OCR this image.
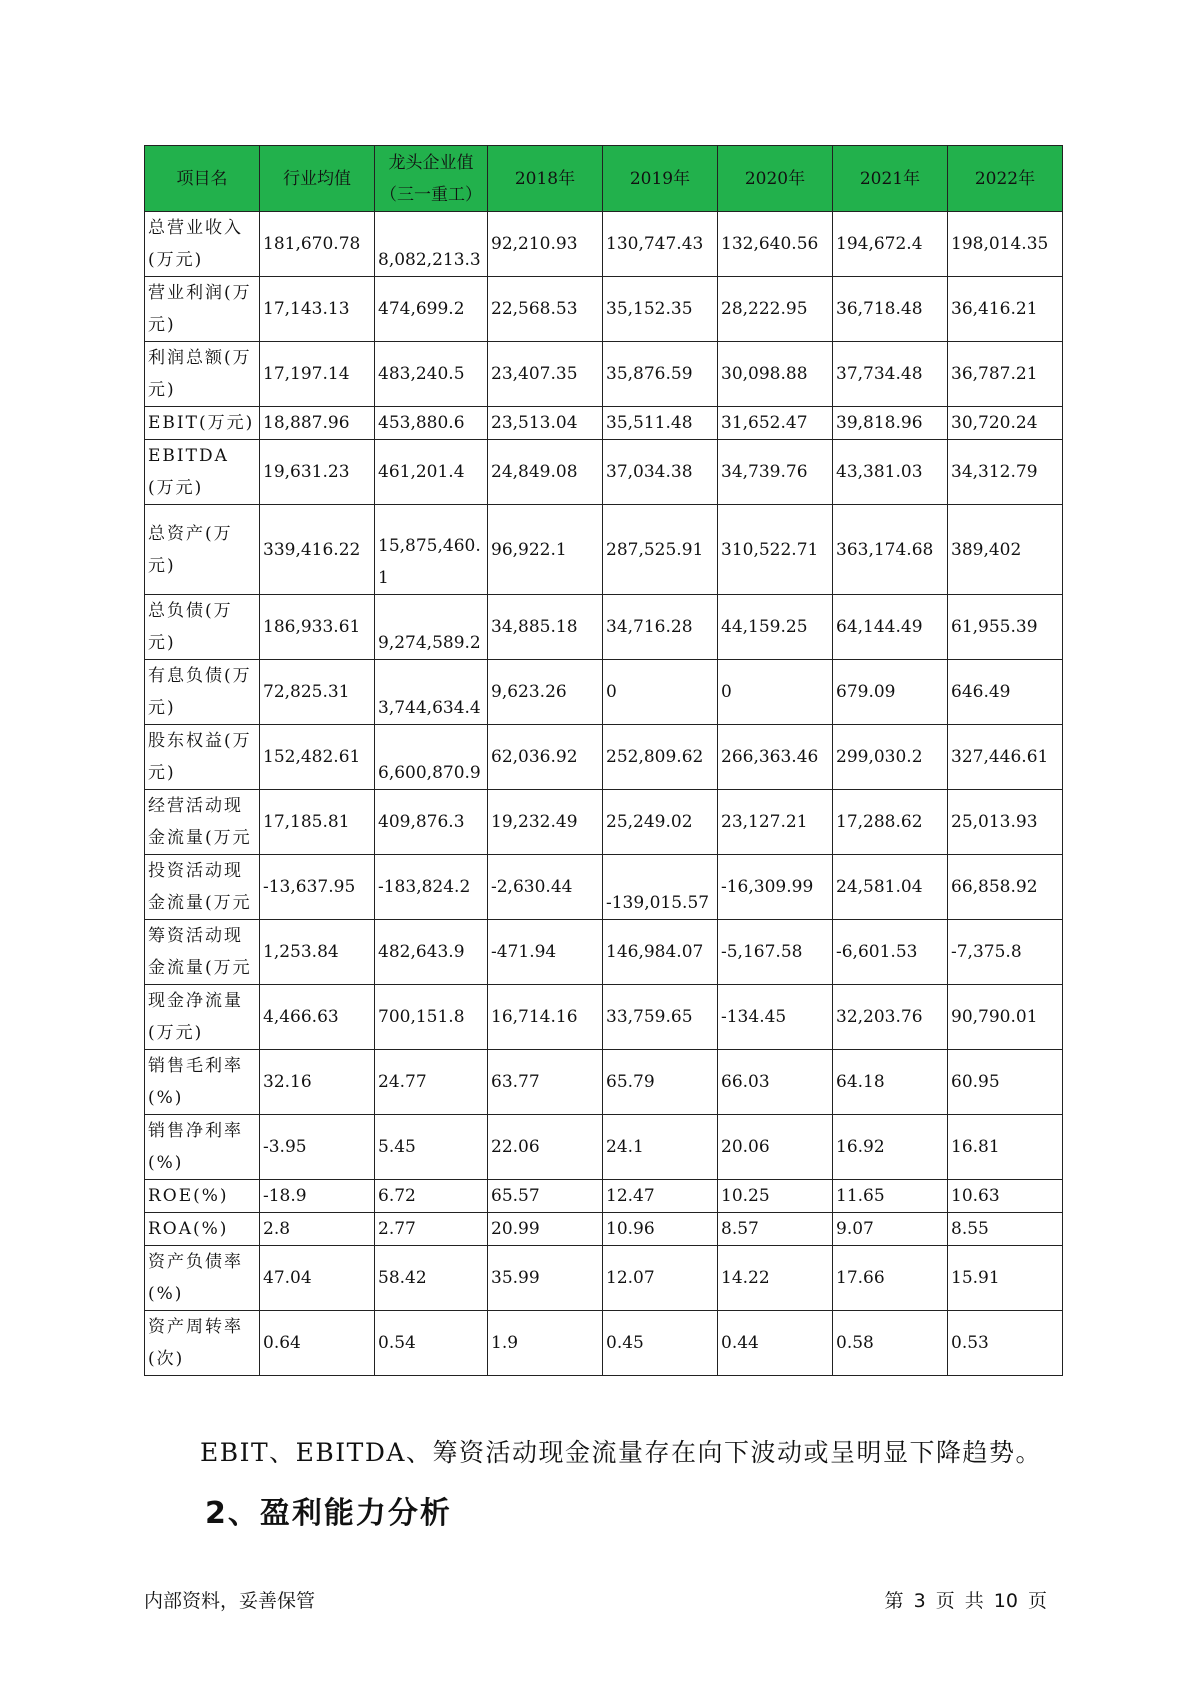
项目名	行业均值	龙头企业值（三一重工）	2018年	2019年	2020年	2021年	2022年
总营业收入(万元)	181,670.78	8,082,213.3	92,210.93	130,747.43	132,640.56	194,672.4	198,014.35
营业利润(万元)	17,143.13	474,699.2	22,568.53	35,152.35	28,222.95	36,718.48	36,416.21
利润总额(万元)	17,197.14	483,240.5	23,407.35	35,876.59	30,098.88	37,734.48	36,787.21
EBIT(万元)	18,887.96	453,880.6	23,513.04	35,511.48	31,652.47	39,818.96	30,720.24
EBITDA(万元)	19,631.23	461,201.4	24,849.08	37,034.38	34,739.76	43,381.03	34,312.79
总资产(万元)	339,416.22	15,875,460.1	96,922.1	287,525.91	310,522.71	363,174.68	389,402
总负债(万元)	186,933.61	9,274,589.2	34,885.18	34,716.28	44,159.25	64,144.49	61,955.39
有息负债(万元)	72,825.31	3,744,634.4	9,623.26	0	0	679.09	646.49
股东权益(万元)	152,482.61	6,600,870.9	62,036.92	252,809.62	266,363.46	299,030.2	327,446.61
经营活动现金流量(万元	17,185.81	409,876.3	19,232.49	25,249.02	23,127.21	17,288.62	25,013.93
投资活动现金流量(万元	-13,637.95	-183,824.2	-2,630.44	-139,015.57	-16,309.99	24,581.04	66,858.92
筹资活动现金流量(万元	1,253.84	482,643.9	-471.94	146,984.07	-5,167.58	-6,601.53	-7,375.8
现金净流量(万元)	4,466.63	700,151.8	16,714.16	33,759.65	-134.45	32,203.76	90,790.01
销售毛利率(%)	32.16	24.77	63.77	65.79	66.03	64.18	60.95
销售净利率(%)	-3.95	5.45	22.06	24.1	20.06	16.92	16.81
ROE(%)	-18.9	6.72	65.57	12.47	10.25	11.65	10.63
ROA(%)	2.8	2.77	20.99	10.96	8.57	9.07	8.55
资产负债率(%)	47.04	58.42	35.99	12.07	14.22	17.66	15.91
资产周转率(次)	0.64	0.54	1.9	0.45	0.44	0.58	0.53
EBIT、EBITDA、筹资活动现金流量存在向下波动或呈明显下降趋势。
2、盈利能力分析
内部资料，妥善保管	第 3 页 共 10 页
